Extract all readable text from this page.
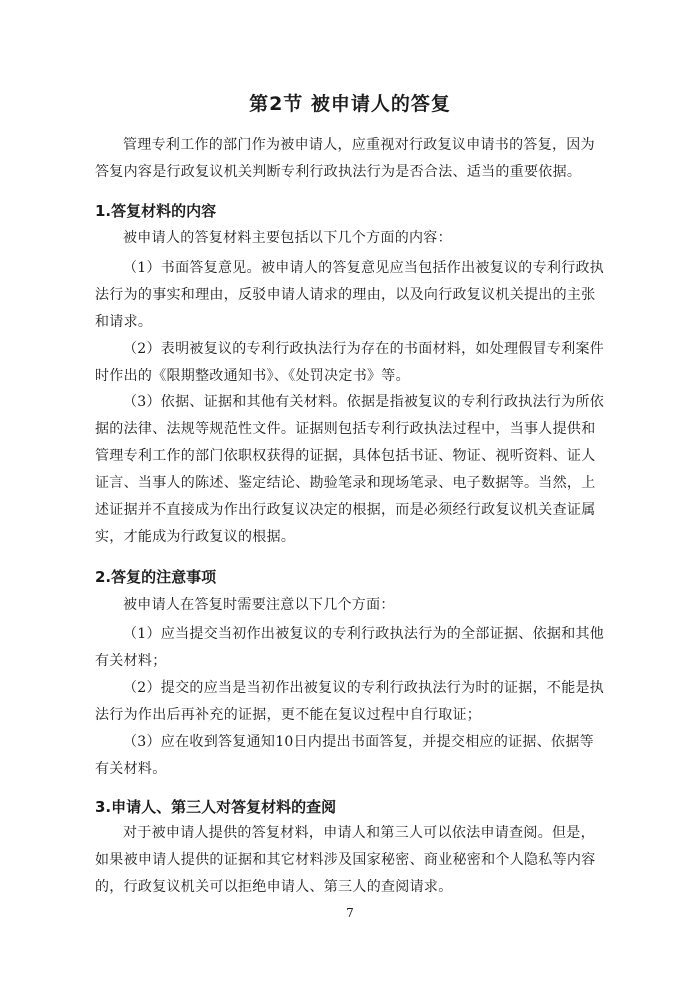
第2节 被申请人的答复

管理专利工作的部门作为被申请人，应重视对行政复议申请书的答复，因为答复内容是行政复议机关判断专利行政执法行为是否合法、适当的重要依据。

1.答复材料的内容

被申请人的答复材料主要包括以下几个方面的内容：

（1）书面答复意见。被申请人的答复意见应当包括作出被复议的专利行政执法行为的事实和理由，反驳申请人请求的理由，以及向行政复议机关提出的主张和请求。

（2）表明被复议的专利行政执法行为存在的书面材料，如处理假冒专利案件时作出的《限期整改通知书》、《处罚决定书》等。

（3）依据、证据和其他有关材料。依据是指被复议的专利行政执法行为所依据的法律、法规等规范性文件。证据则包括专利行政执法过程中，当事人提供和管理专利工作的部门依职权获得的证据，具体包括书证、物证、视听资料、证人证言、当事人的陈述、鉴定结论、勘验笔录和现场笔录、电子数据等。当然，上述证据并不直接成为作出行政复议决定的根据，而是必须经行政复议机关查证属实，才能成为行政复议的根据。

2.答复的注意事项

被申请人在答复时需要注意以下几个方面：

（1）应当提交当初作出被复议的专利行政执法行为的全部证据、依据和其他有关材料；

（2）提交的应当是当初作出被复议的专利行政执法行为时的证据，不能是执法行为作出后再补充的证据，更不能在复议过程中自行取证；

（3）应在收到答复通知10日内提出书面答复，并提交相应的证据、依据等有关材料。

3.申请人、第三人对答复材料的查阅

对于被申请人提供的答复材料，申请人和第三人可以依法申请查阅。但是，如果被申请人提供的证据和其它材料涉及国家秘密、商业秘密和个人隐私等内容的，行政复议机关可以拒绝申请人、第三人的查阅请求。

7
